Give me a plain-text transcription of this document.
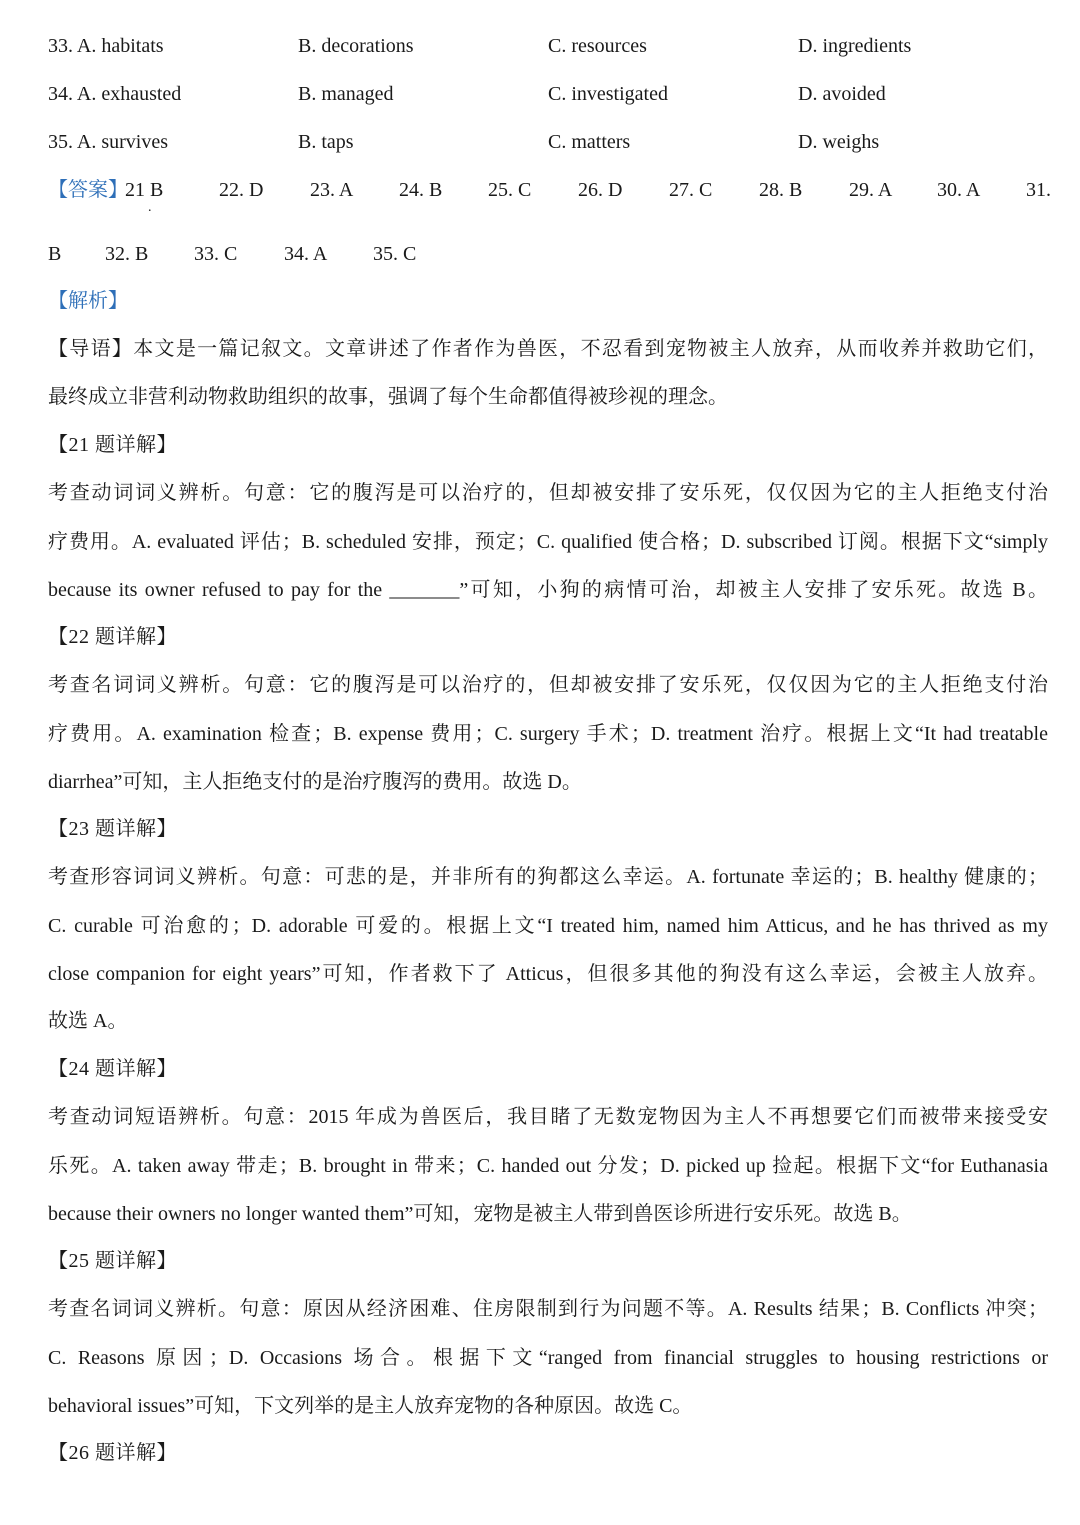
33. A. habitats	B. decorations	C. resources	D. ingredients
34. A. exhausted	B. managed	C. investigated	D. avoided
35. A. survives	B. taps	C. matters	D. weighs
【答案】
21 B
.
22. D 23. A 24. B 25. C 26. D 27. C 28. B 29. A 30. A 31.
B 32. B 33. C 34. A 35. C
【解析】
【导语】本文是一篇记叙文。文章讲述了作者作为兽医，不忍看到宠物被主人放弃，从而收养并救助它们，
最终成立非营利动物救助组织的故事，强调了每个生命都值得被珍视的理念。
【21 题详解】
考查动词词义辨析。句意：它的腹泻是可以治疗的，但却被安排了安乐死，仅仅因为它的主人拒绝支付治
疗费用。A. evaluated 评估；B. scheduled 安排，预定；C. qualified 使合格；D. subscribed 订阅。根据下文“simply
because its owner refused to pay for the _______”可知，小狗的病情可治，却被主人安排了安乐死。故选 B。
【22 题详解】
考查名词词义辨析。句意：它的腹泻是可以治疗的，但却被安排了安乐死，仅仅因为它的主人拒绝支付治
疗费用。A. examination 检查；B. expense 费用；C. surgery 手术；D. treatment 治疗。根据上文“It had treatable
diarrhea”可知，主人拒绝支付的是治疗腹泻的费用。故选 D。
【23 题详解】
考查形容词词义辨析。句意：可悲的是，并非所有的狗都这么幸运。A. fortunate 幸运的；B. healthy 健康的；
C. curable 可治愈的；D. adorable 可爱的。根据上文“I treated him, named him Atticus, and he has thrived as my
close companion for eight years”可知，作者救下了 Atticus，但很多其他的狗没有这么幸运，会被主人放弃。
故选 A。
【24 题详解】
考查动词短语辨析。句意：2015 年成为兽医后，我目睹了无数宠物因为主人不再想要它们而被带来接受安
乐死。A. taken away 带走；B. brought in 带来；C. handed out 分发；D. picked up 捡起。根据下文“for Euthanasia
because their owners no longer wanted them”可知，宠物是被主人带到兽医诊所进行安乐死。故选 B。
【25 题详解】
考查名词词义辨析。句意：原因从经济困难、住房限制到行为问题不等。A. Results 结果；B. Conflicts 冲突；
C. Reasons 原因；D. Occasions 场合。根据下文“ranged from financial struggles to housing restrictions or
behavioral issues”可知，下文列举的是主人放弃宠物的各种原因。故选 C。
【26 题详解】
